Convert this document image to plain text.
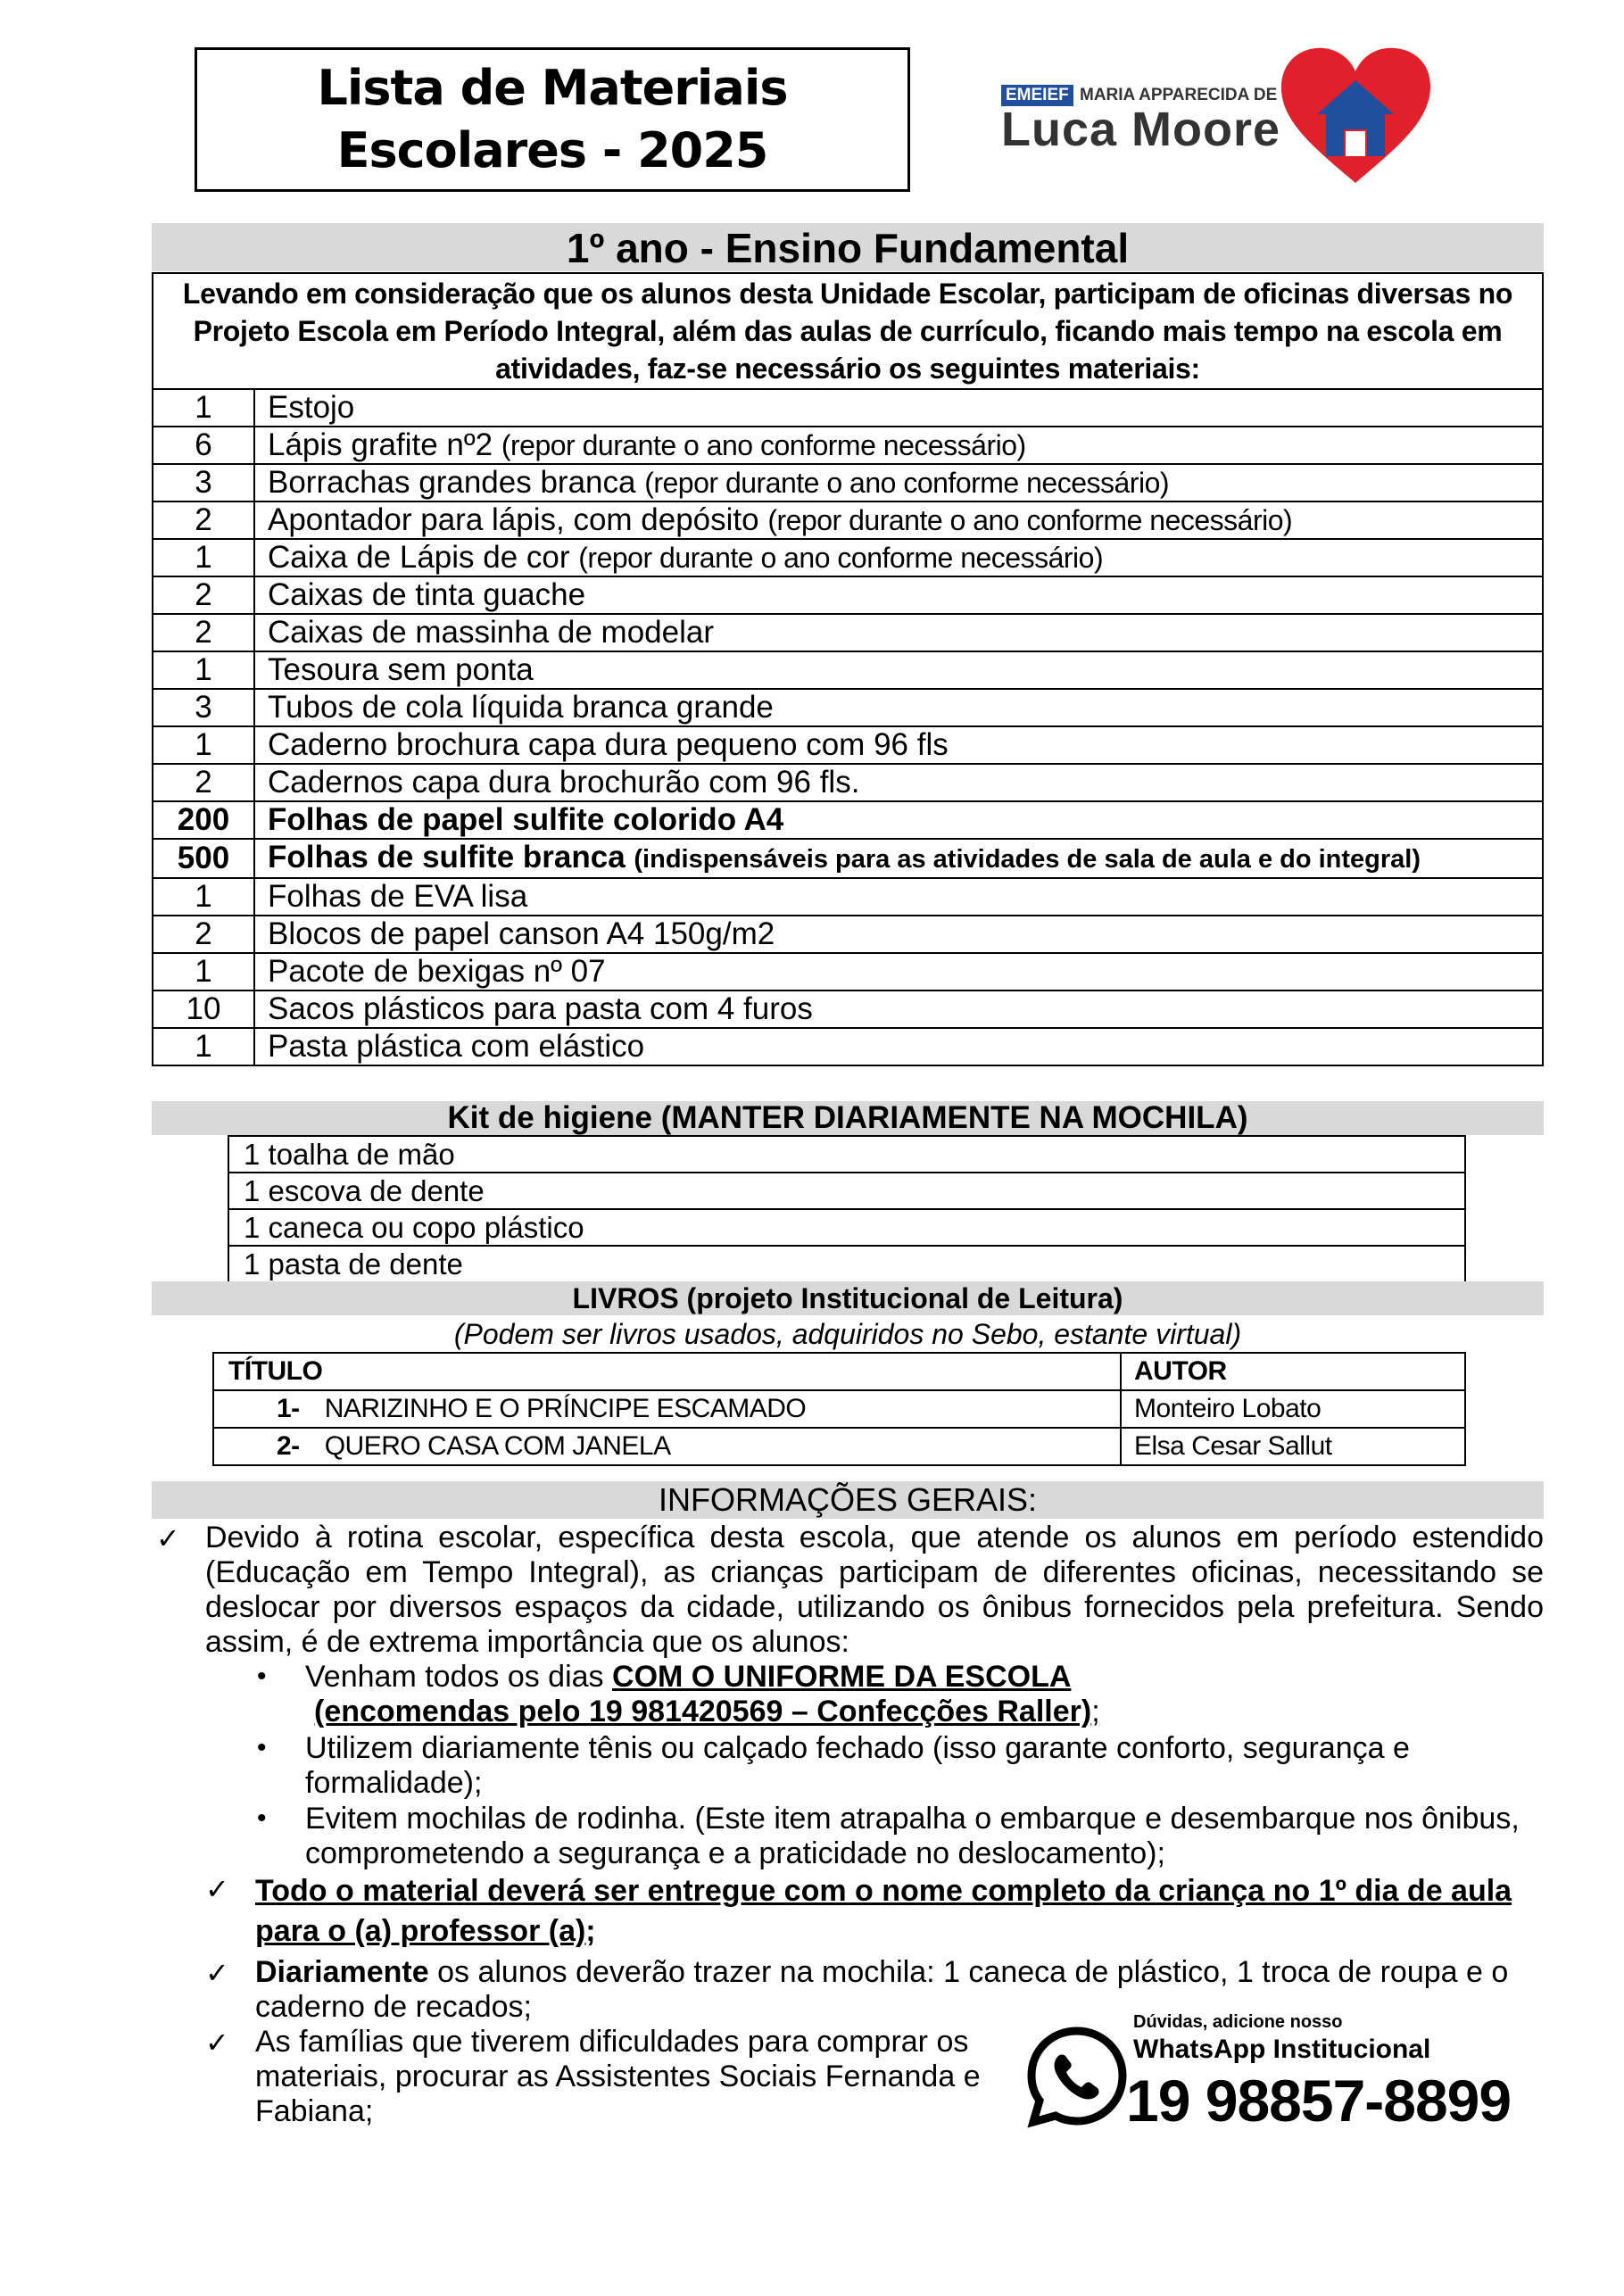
Lista de Materiais
Escolares - 2025
EMEIEF MARIA APPARECIDA DE
Luca Moore
1º ano - Ensino Fundamental
Levando em consideração que os alunos desta Unidade Escolar, participam de oficinas diversas no Projeto Escola em Período Integral, além das aulas de currículo, ficando mais tempo na escola em atividades, faz-se necessário os seguintes materiais:	
1	Estojo
6	Lápis grafite nº2 (repor durante o ano conforme necessário)
3	Borrachas grandes branca (repor durante o ano conforme necessário)
2	Apontador para lápis, com depósito (repor durante o ano conforme necessário)
1	Caixa de Lápis de cor (repor durante o ano conforme necessário)
2	Caixas de tinta guache
2	Caixas de massinha de modelar
1	Tesoura sem ponta
3	Tubos de cola líquida branca grande
1	Caderno brochura capa dura pequeno com 96 fls
2	Cadernos capa dura brochurão com 96 fls.
200	Folhas de papel sulfite colorido A4
500	Folhas de sulfite branca (indispensáveis para as atividades de sala de aula e do integral)
1	Folhas de EVA lisa
2	Blocos de papel canson A4 150g/m2
1	Pacote de bexigas nº 07
10	Sacos plásticos para pasta com 4 furos
1	Pasta plástica com elástico
Kit de higiene (MANTER DIARIAMENTE NA MOCHILA)
1 toalha de mão
1 escova de dente
1 caneca ou copo plástico
1 pasta de dente
LIVROS (projeto Institucional de Leitura)
(Podem ser livros usados, adquiridos no Sebo, estante virtual)
TÍTULO	AUTOR
1- NARIZINHO E O PRÍNCIPE ESCAMADO	Monteiro Lobato
2- QUERO CASA COM JANELA	Elsa Cesar Sallut
INFORMAÇÕES GERAIS:
✓ Devido à rotina escolar, específica desta escola, que atende os alunos em período estendido
(Educação em Tempo Integral), as crianças participam de diferentes oficinas, necessitando se
deslocar por diversos espaços da cidade, utilizando os ônibus fornecidos pela prefeitura. Sendo
assim, é de extrema importância que os alunos:
• Venham todos os dias COM O UNIFORME DA ESCOLA
(encomendas pelo 19 981420569 – Confecções Raller);
• Utilizem diariamente tênis ou calçado fechado (isso garante conforto, segurança e
formalidade);
• Evitem mochilas de rodinha. (Este item atrapalha o embarque e desembarque nos ônibus,
comprometendo a segurança e a praticidade no deslocamento);
✓ Todo o material deverá ser entregue com o nome completo da criança no 1º dia de aula
para o (a) professor (a);
✓ Diariamente os alunos deverão trazer na mochila: 1 caneca de plástico, 1 troca de roupa e o
caderno de recados;
✓ As famílias que tiverem dificuldades para comprar os
materiais, procurar as Assistentes Sociais Fernanda e
Fabiana;
Dúvidas, adicione nosso
WhatsApp Institucional
19 98857-8899
